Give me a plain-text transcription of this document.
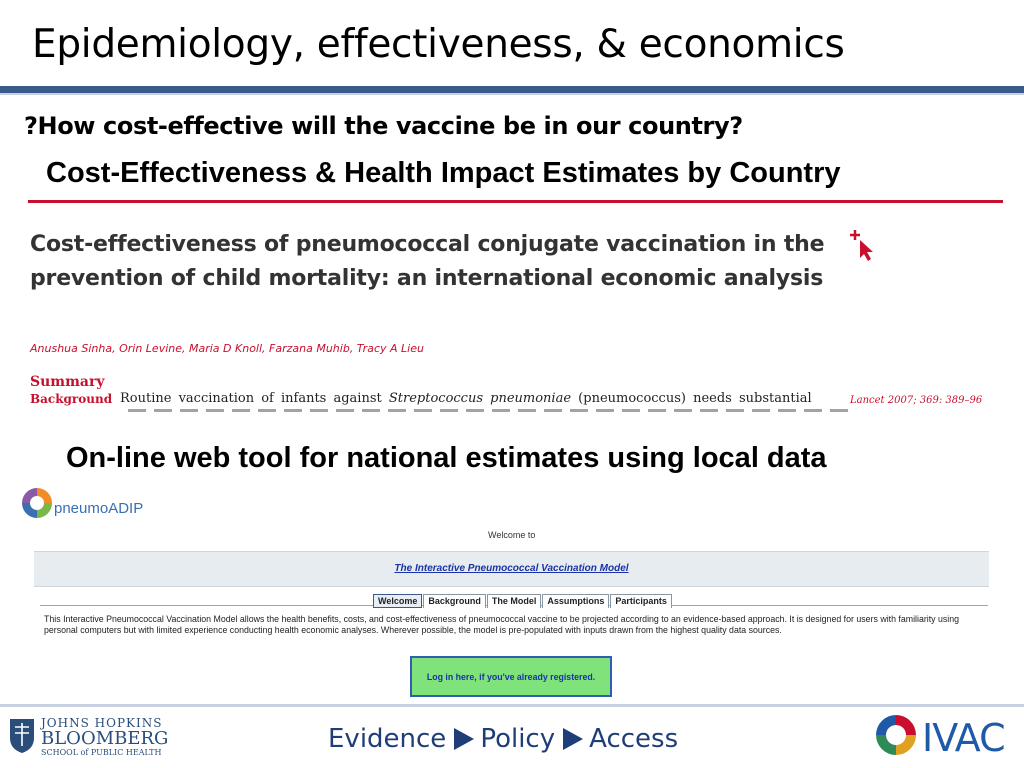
Epidemiology, effectiveness, & economics
?How cost-effective will the vaccine be in our country?
Cost-Effectiveness & Health Impact Estimates by Country
Cost-effectiveness of pneumococcal conjugate vaccination in the prevention of child mortality: an international economic analysis
Anushua Sinha, Orin Levine, Maria D Knoll, Farzana Muhib, Tracy A Lieu
Summary
Background Routine vaccination of infants against Streptococcus pneumoniae (pneumococcus) needs substantial	Lancet 2007; 369: 389–96
On-line web tool for national estimates using local data
pneumoADIP
Welcome to
The Interactive Pneumococcal Vaccination Model
Welcome	Background	The Model	Assumptions	Participants
This Interactive Pneumococcal Vaccination Model allows the health benefits, costs, and cost-effectiveness of pneumococcal vaccine to be projected according to an evidence-based approach. It is designed for users with familiarity using personal computers but with limited experience conducting health economic analyses. Wherever possible, the model is pre-populated with inputs drawn from the highest quality data sources.
Log in here, if you've already registered.
JOHNS HOPKINS
BLOOMBERG
SCHOOL of PUBLIC HEALTH	Evidence Policy Access	IVAC
